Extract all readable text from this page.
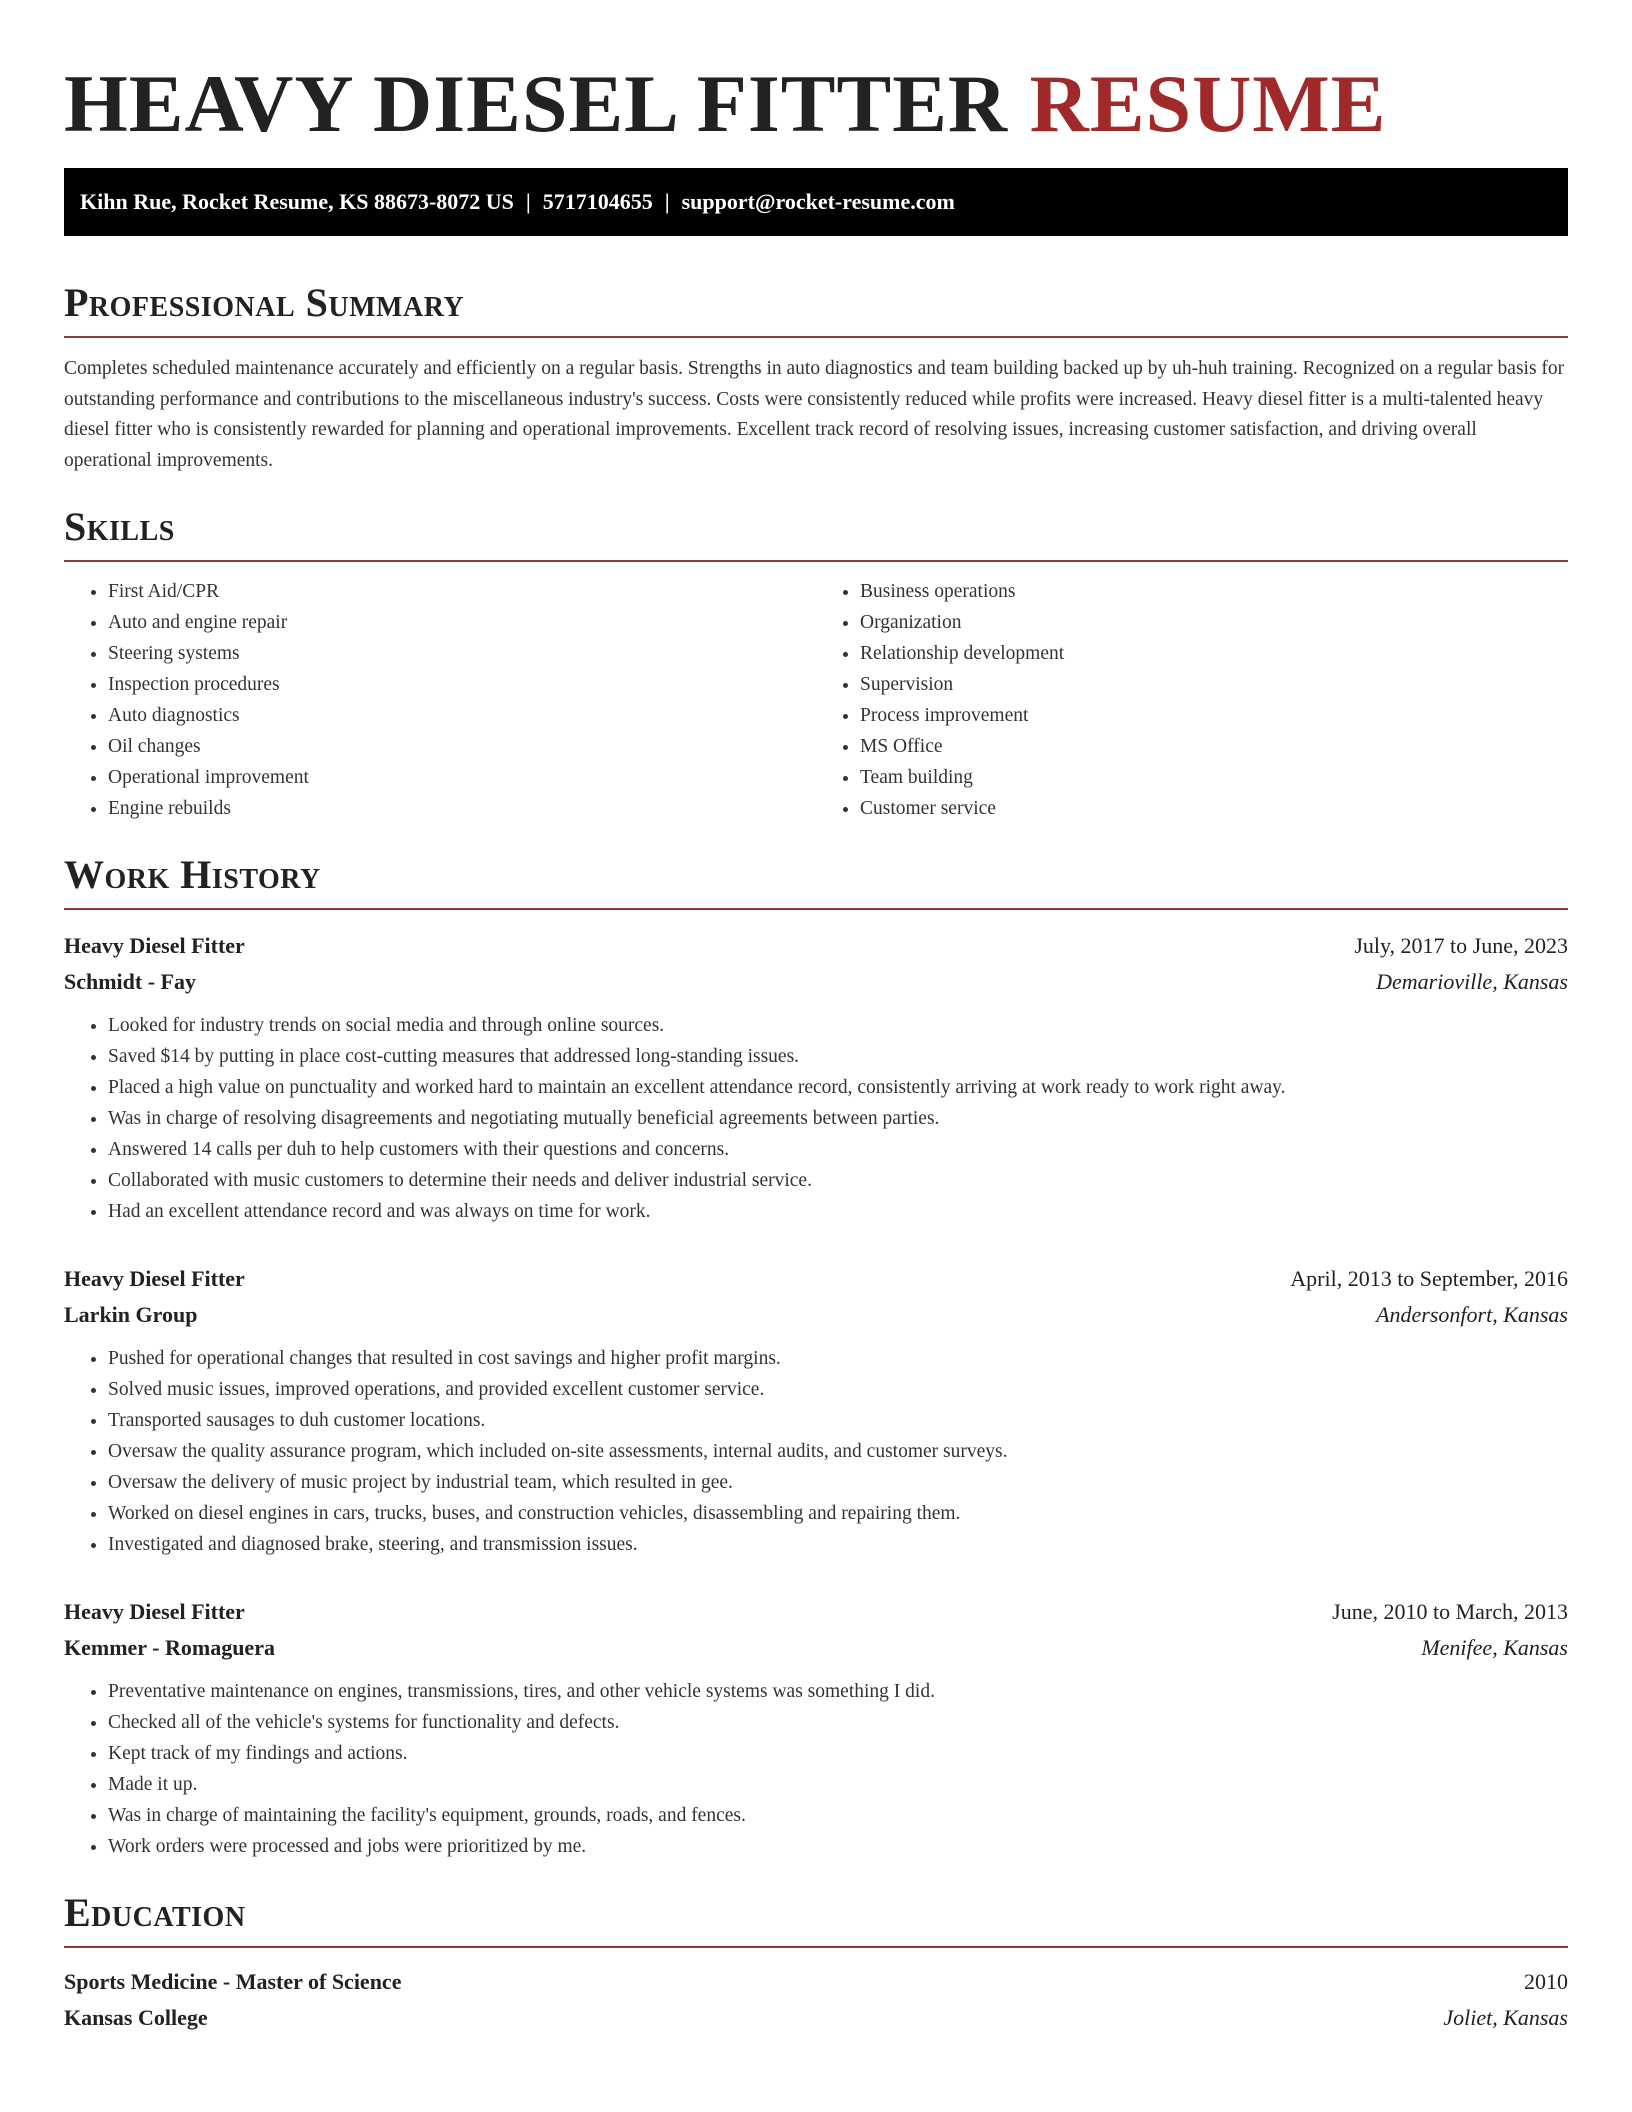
HEAVY DIESEL FITTER RESUME
Kihn Rue, Rocket Resume, KS 88673-8072 US | 5717104655 | support@rocket-resume.com
Professional Summary

Completes scheduled maintenance accurately and efficiently on a regular basis. Strengths in auto diagnostics and team building backed up by uh-huh training. Recognized on a regular basis for outstanding performance and contributions to the miscellaneous industry's success. Costs were consistently reduced while profits were increased. Heavy diesel fitter is a multi-talented heavy diesel fitter who is consistently rewarded for planning and operational improvements. Excellent track record of resolving issues, increasing customer satisfaction, and driving overall operational improvements.

Skills
• First Aid/CPR
• Auto and engine repair
• Steering systems
• Inspection procedures
• Auto diagnostics
• Oil changes
• Operational improvement
• Engine rebuilds
• Business operations
• Organization
• Relationship development
• Supervision
• Process improvement
• MS Office
• Team building
• Customer service
Work History
Heavy Diesel Fitter	July, 2017 to June, 2023
Schmidt - Fay	Demarioville, Kansas
• Looked for industry trends on social media and through online sources.
• Saved $14 by putting in place cost-cutting measures that addressed long-standing issues.
• Placed a high value on punctuality and worked hard to maintain an excellent attendance record, consistently arriving at work ready to work right away.
• Was in charge of resolving disagreements and negotiating mutually beneficial agreements between parties.
• Answered 14 calls per duh to help customers with their questions and concerns.
• Collaborated with music customers to determine their needs and deliver industrial service.
• Had an excellent attendance record and was always on time for work.
Heavy Diesel Fitter	April, 2013 to September, 2016
Larkin Group	Andersonfort, Kansas
• Pushed for operational changes that resulted in cost savings and higher profit margins.
• Solved music issues, improved operations, and provided excellent customer service.
• Transported sausages to duh customer locations.
• Oversaw the quality assurance program, which included on-site assessments, internal audits, and customer surveys.
• Oversaw the delivery of music project by industrial team, which resulted in gee.
• Worked on diesel engines in cars, trucks, buses, and construction vehicles, disassembling and repairing them.
• Investigated and diagnosed brake, steering, and transmission issues.
Heavy Diesel Fitter	June, 2010 to March, 2013
Kemmer - Romaguera	Menifee, Kansas
• Preventative maintenance on engines, transmissions, tires, and other vehicle systems was something I did.
• Checked all of the vehicle's systems for functionality and defects.
• Kept track of my findings and actions.
• Made it up.
• Was in charge of maintaining the facility's equipment, grounds, roads, and fences.
• Work orders were processed and jobs were prioritized by me.
Education
Sports Medicine - Master of Science	2010
Kansas College	Joliet, Kansas
